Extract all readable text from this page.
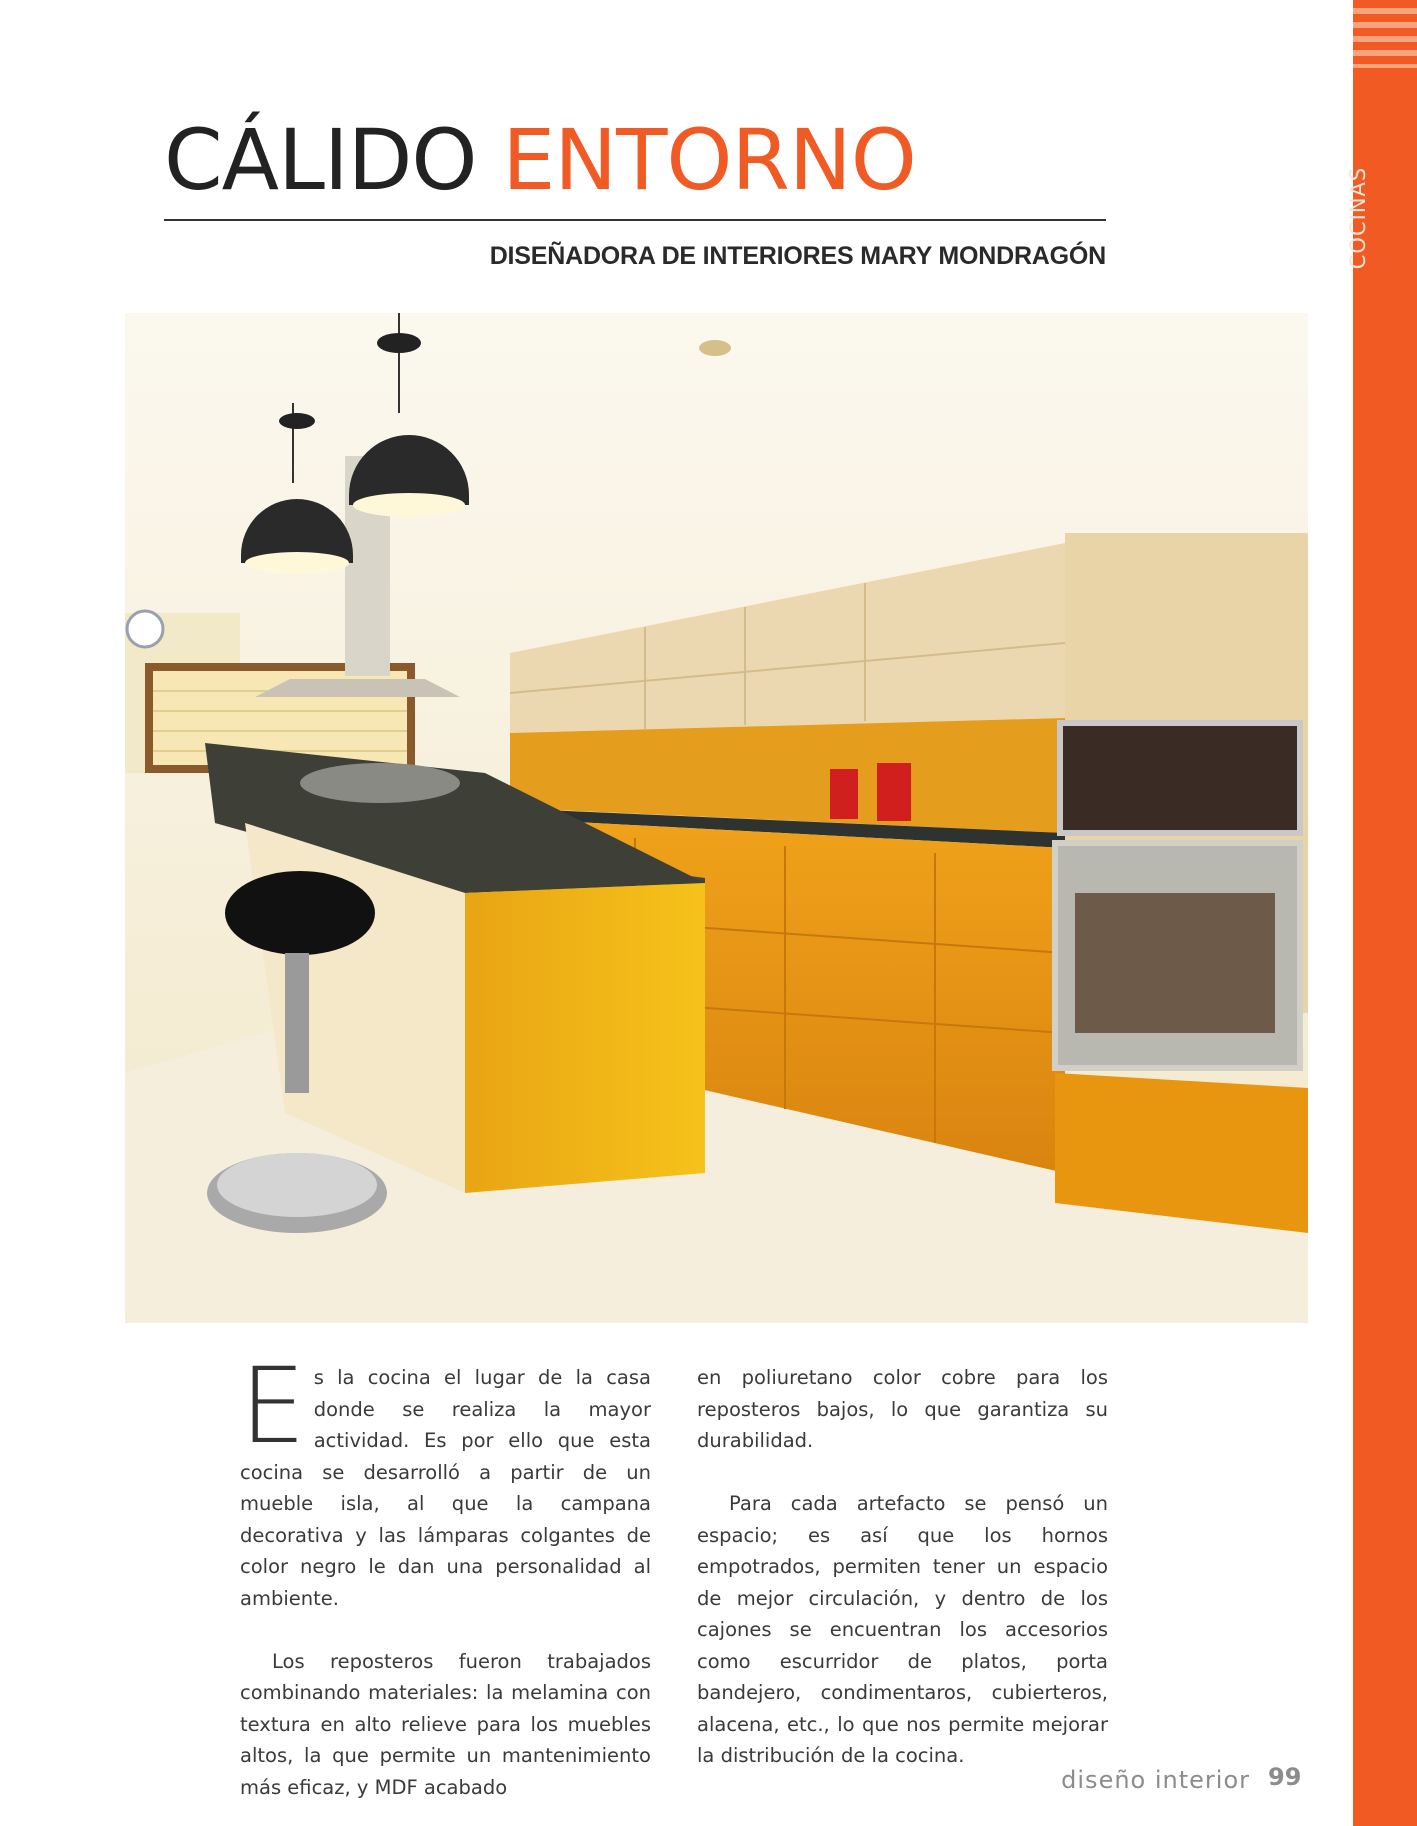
COCINAS
CÁLIDO ENTORNO
DISEÑADORA DE INTERIORES MARY MONDRAGÓN

Es la cocina el lugar de la casa donde se realiza la mayor actividad. Es por ello que esta cocina se desarrolló a partir de un mueble isla, al que la campana decorativa y las lámparas colgantes de color negro le dan una personalidad al ambiente.

Los reposteros fueron trabajados combinando materiales: la melamina con textura en alto relieve para los muebles altos, la que permite un mantenimiento más eficaz, y MDF acabado

en poliuretano color cobre para los reposteros bajos, lo que garantiza su durabilidad.

Para cada artefacto se pensó un espacio; es así que los hornos empotrados, permiten tener un espacio de mejor circulación, y dentro de los cajones se encuentran los accesorios como escurridor de platos, porta bandejero, condimentaros, cubierteros, alacena, etc., lo que nos permite mejorar la distribución de la cocina.

diseño interior 99
